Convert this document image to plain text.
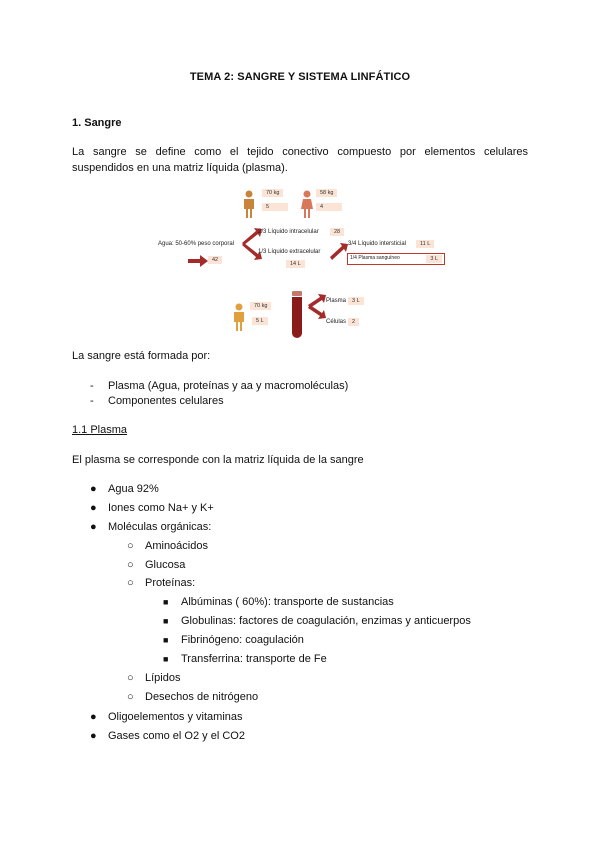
TEMA 2: SANGRE Y SISTEMA LINFÁTICO
1. Sangre
La sangre se define como el tejido conectivo compuesto por elementos celulares suspendidos en una matriz líquida (plasma).
70 kg
5
58 kg
4
Agua: 50-60% peso corporal
42
2/3 Líquido intracelular	28
1/3 Líquido extracelular
14 L
3/4 Líquido intersticial	11 L
1/4 Plasma sanguíneo	3 L
70 kg
5 L
Plasma	3 L
Células	2
La sangre está formada por:
- Plasma (Agua, proteínas y aa y macromoléculas)
- Componentes celulares
1.1 Plasma
El plasma se corresponde con la matriz líquida de la sangre
● Agua 92%
● Iones como Na+ y K+
● Moléculas orgánicas:
○ Aminoácidos
○ Glucosa
○ Proteínas:
■ Albúminas ( 60%): transporte de sustancias
■ Globulinas: factores de coagulación, enzimas y anticuerpos
■ Fibrinógeno: coagulación
■ Transferrina: transporte de Fe
○ Lípidos
○ Desechos de nitrógeno
● Oligoelementos y vitaminas
● Gases como el O2 y el CO2
